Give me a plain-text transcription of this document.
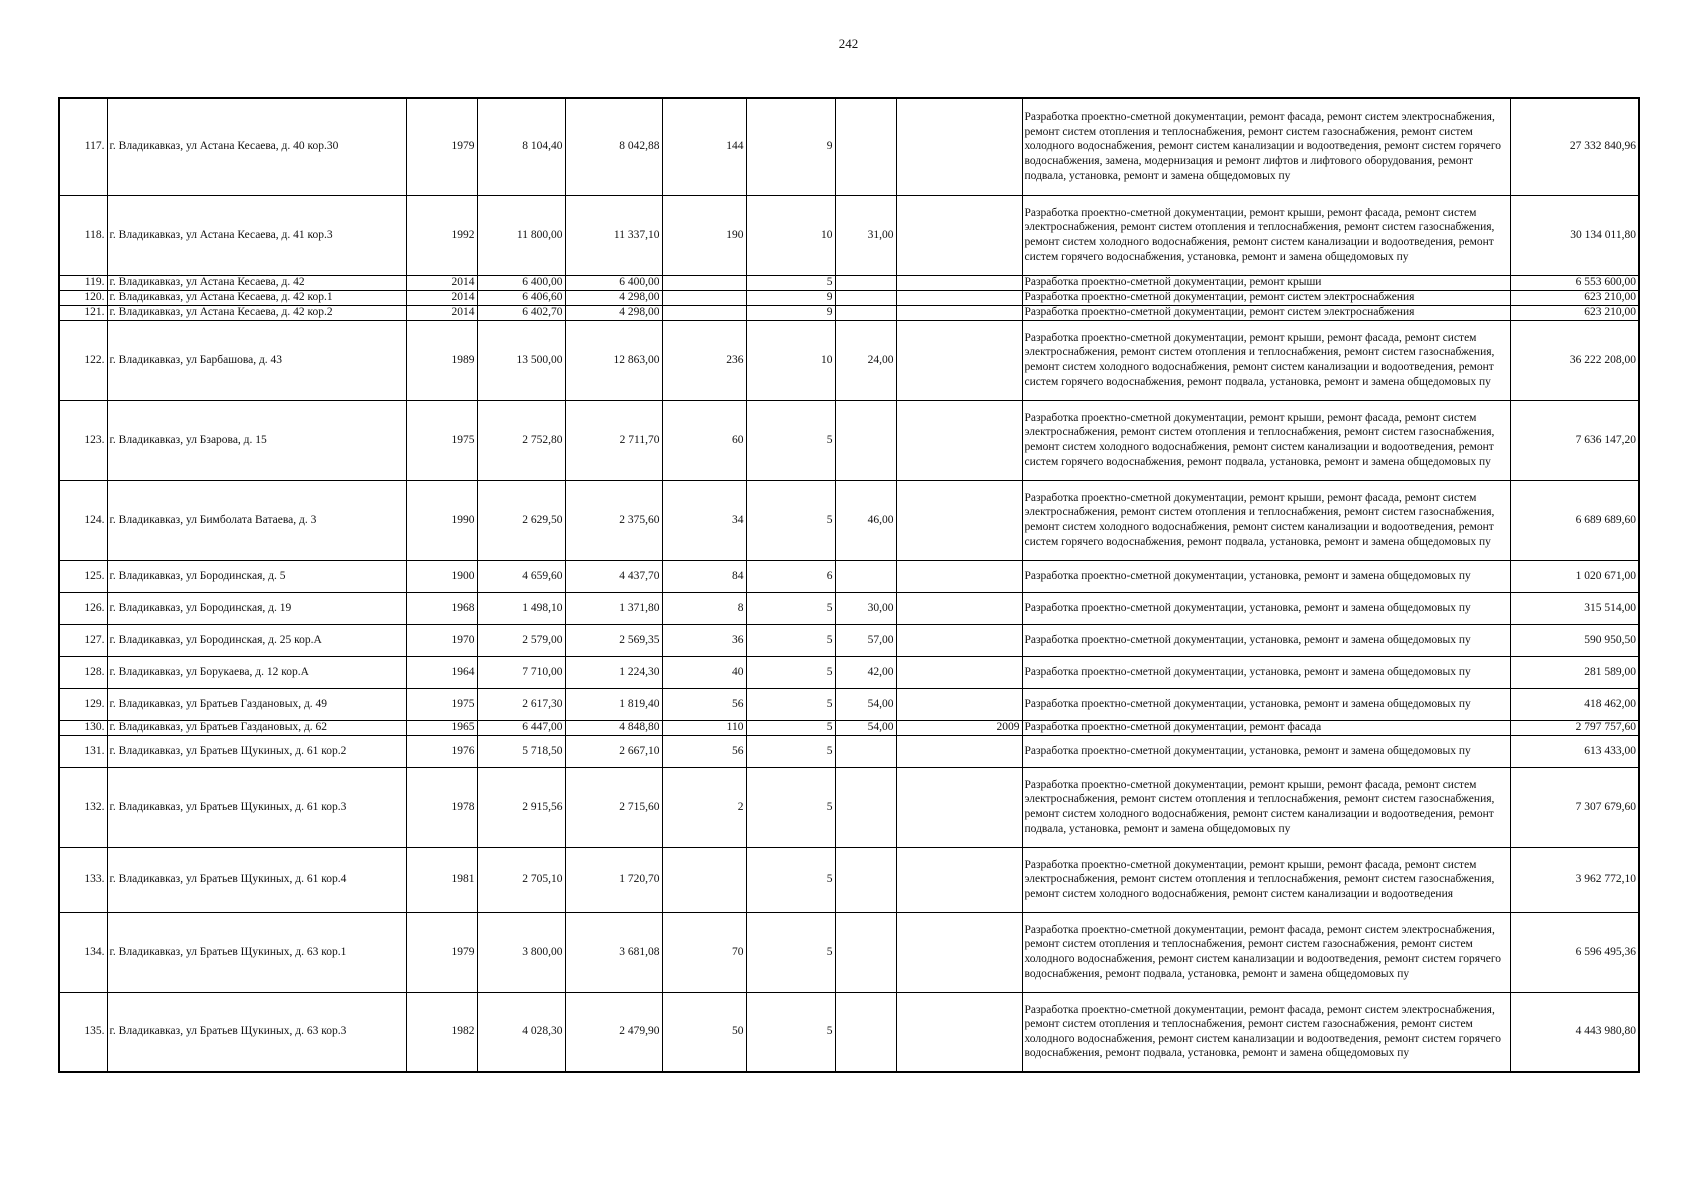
242
117.	г. Владикавказ, ул Астана Кесаева, д. 40 кор.30	1979	8 104,40	8 042,88	144	9			Разработка проектно-сметной документации, ремонт фасада, ремонт систем электроснабжения, ремонт систем отопления и теплоснабжения, ремонт систем газоснабжения, ремонт систем холодного водоснабжения, ремонт систем канализации и водоотведения, ремонт систем горячего водоснабжения, замена, модернизация и ремонт лифтов и лифтового оборудования, ремонт подвала, установка, ремонт и замена общедомовых пу	27 332 840,96
118.	г. Владикавказ, ул Астана Кесаева, д. 41 кор.3	1992	11 800,00	11 337,10	190	10	31,00		Разработка проектно-сметной документации, ремонт крыши, ремонт фасада, ремонт систем электроснабжения, ремонт систем отопления и теплоснабжения, ремонт систем газоснабжения, ремонт систем холодного водоснабжения, ремонт систем канализации и водоотведения, ремонт систем горячего водоснабжения, установка, ремонт и замена общедомовых пу	30 134 011,80
119.	г. Владикавказ, ул Астана Кесаева, д. 42	2014	6 400,00	6 400,00		5			Разработка проектно-сметной документации, ремонт крыши	6 553 600,00
120.	г. Владикавказ, ул Астана Кесаева, д. 42 кор.1	2014	6 406,60	4 298,00		9			Разработка проектно-сметной документации, ремонт систем электроснабжения	623 210,00
121.	г. Владикавказ, ул Астана Кесаева, д. 42 кор.2	2014	6 402,70	4 298,00		9			Разработка проектно-сметной документации, ремонт систем электроснабжения	623 210,00
122.	г. Владикавказ, ул Барбашова, д. 43	1989	13 500,00	12 863,00	236	10	24,00		Разработка проектно-сметной документации, ремонт крыши, ремонт фасада, ремонт систем электроснабжения, ремонт систем отопления и теплоснабжения, ремонт систем газоснабжения, ремонт систем холодного водоснабжения, ремонт систем канализации и водоотведения, ремонт систем горячего водоснабжения, ремонт подвала, установка, ремонт и замена общедомовых пу	36 222 208,00
123.	г. Владикавказ, ул Бзарова, д. 15	1975	2 752,80	2 711,70	60	5			Разработка проектно-сметной документации, ремонт крыши, ремонт фасада, ремонт систем электроснабжения, ремонт систем отопления и теплоснабжения, ремонт систем газоснабжения, ремонт систем холодного водоснабжения, ремонт систем канализации и водоотведения, ремонт систем горячего водоснабжения, ремонт подвала, установка, ремонт и замена общедомовых пу	7 636 147,20
124.	г. Владикавказ, ул Бимболата Ватаева, д. 3	1990	2 629,50	2 375,60	34	5	46,00		Разработка проектно-сметной документации, ремонт крыши, ремонт фасада, ремонт систем электроснабжения, ремонт систем отопления и теплоснабжения, ремонт систем газоснабжения, ремонт систем холодного водоснабжения, ремонт систем канализации и водоотведения, ремонт систем горячего водоснабжения, ремонт подвала, установка, ремонт и замена общедомовых пу	6 689 689,60
125.	г. Владикавказ, ул Бородинская, д. 5	1900	4 659,60	4 437,70	84	6			Разработка проектно-сметной документации, установка, ремонт и замена общедомовых пу	1 020 671,00
126.	г. Владикавказ, ул Бородинская, д. 19	1968	1 498,10	1 371,80	8	5	30,00		Разработка проектно-сметной документации, установка, ремонт и замена общедомовых пу	315 514,00
127.	г. Владикавказ, ул Бородинская, д. 25 кор.А	1970	2 579,00	2 569,35	36	5	57,00		Разработка проектно-сметной документации, установка, ремонт и замена общедомовых пу	590 950,50
128.	г. Владикавказ, ул Борукаева, д. 12 кор.А	1964	7 710,00	1 224,30	40	5	42,00		Разработка проектно-сметной документации, установка, ремонт и замена общедомовых пу	281 589,00
129.	г. Владикавказ, ул Братьев Газдановых, д. 49	1975	2 617,30	1 819,40	56	5	54,00		Разработка проектно-сметной документации, установка, ремонт и замена общедомовых пу	418 462,00
130.	г. Владикавказ, ул Братьев Газдановых, д. 62	1965	6 447,00	4 848,80	110	5	54,00	2009	Разработка проектно-сметной документации, ремонт фасада	2 797 757,60
131.	г. Владикавказ, ул Братьев Щукиных, д. 61 кор.2	1976	5 718,50	2 667,10	56	5			Разработка проектно-сметной документации, установка, ремонт и замена общедомовых пу	613 433,00
132.	г. Владикавказ, ул Братьев Щукиных, д. 61 кор.3	1978	2 915,56	2 715,60	2	5			Разработка проектно-сметной документации, ремонт крыши, ремонт фасада, ремонт систем электроснабжения, ремонт систем отопления и теплоснабжения, ремонт систем газоснабжения, ремонт систем холодного водоснабжения, ремонт систем канализации и водоотведения, ремонт подвала, установка, ремонт и замена общедомовых пу	7 307 679,60
133.	г. Владикавказ, ул Братьев Щукиных, д. 61 кор.4	1981	2 705,10	1 720,70		5			Разработка проектно-сметной документации, ремонт крыши, ремонт фасада, ремонт систем электроснабжения, ремонт систем отопления и теплоснабжения, ремонт систем газоснабжения, ремонт систем холодного водоснабжения, ремонт систем канализации и водоотведения	3 962 772,10
134.	г. Владикавказ, ул Братьев Щукиных, д. 63 кор.1	1979	3 800,00	3 681,08	70	5			Разработка проектно-сметной документации, ремонт фасада, ремонт систем электроснабжения, ремонт систем отопления и теплоснабжения, ремонт систем газоснабжения, ремонт систем холодного водоснабжения, ремонт систем канализации и водоотведения, ремонт систем горячего водоснабжения, ремонт подвала, установка, ремонт и замена общедомовых пу	6 596 495,36
135.	г. Владикавказ, ул Братьев Щукиных, д. 63 кор.3	1982	4 028,30	2 479,90	50	5			Разработка проектно-сметной документации, ремонт фасада, ремонт систем электроснабжения, ремонт систем отопления и теплоснабжения, ремонт систем газоснабжения, ремонт систем холодного водоснабжения, ремонт систем канализации и водоотведения, ремонт систем горячего водоснабжения, ремонт подвала, установка, ремонт и замена общедомовых пу	4 443 980,80
